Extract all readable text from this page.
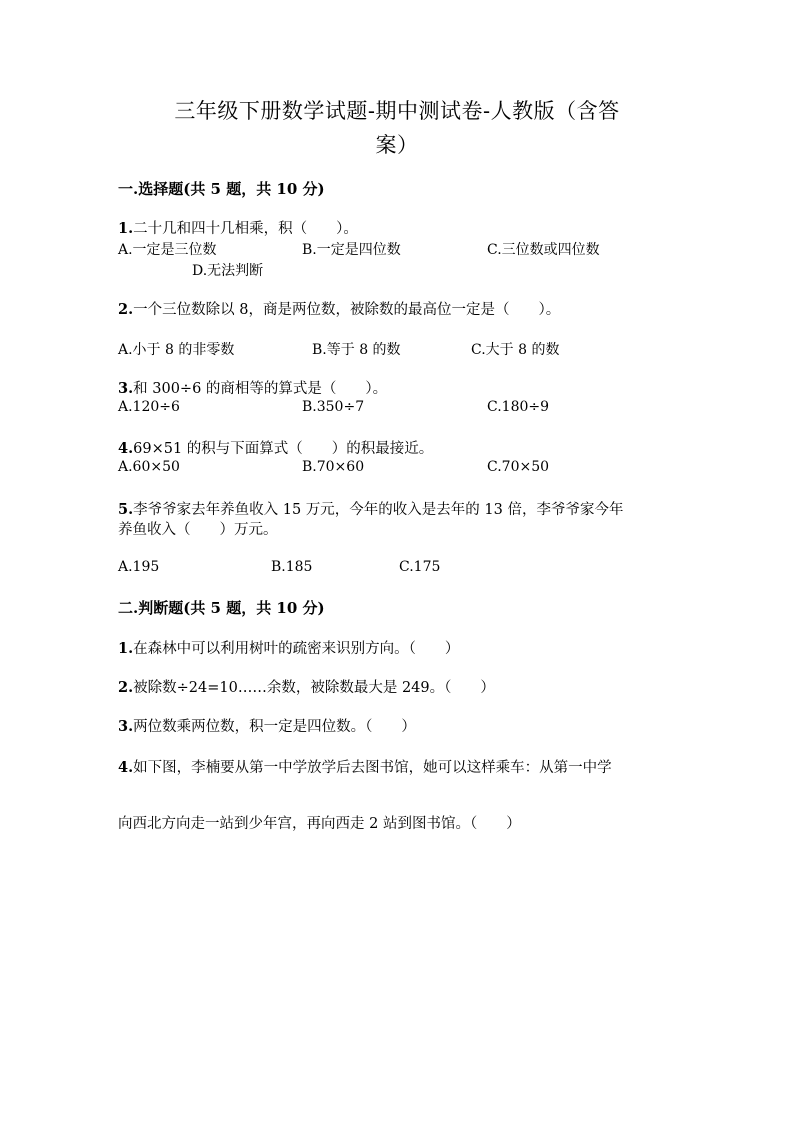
三年级下册数学试题-期中测试卷-人教版（含答
案）
一.选择题(共 5 题，共 10 分)
1.二十几和四十几相乘，积（　　）。
A.一定是三位数	B.一定是四位数	C.三位数或四位数
D.无法判断
2.一个三位数除以 8，商是两位数，被除数的最高位一定是（　　）。
A.小于 8 的非零数	B.等于 8 的数	C.大于 8 的数
3.和 300÷6 的商相等的算式是（　　）。
A.120÷6	B.350÷7	C.180÷9
4.69×51 的积与下面算式（　　）的积最接近。
A.60×50	B.70×60	C.70×50
5.李爷爷家去年养鱼收入 15 万元，今年的收入是去年的 13 倍，李爷爷家今年
养鱼收入（　　）万元。
A.195	B.185	C.175
二.判断题(共 5 题，共 10 分)
1.在森林中可以利用树叶的疏密来识别方向。（　　）
2.被除数÷24=10……余数，被除数最大是 249。（　　）
3.两位数乘两位数，积一定是四位数。（　　）
4.如下图，李楠要从第一中学放学后去图书馆，她可以这样乘车：从第一中学
向西北方向走一站到少年宫，再向西走 2 站到图书馆。（　　）
